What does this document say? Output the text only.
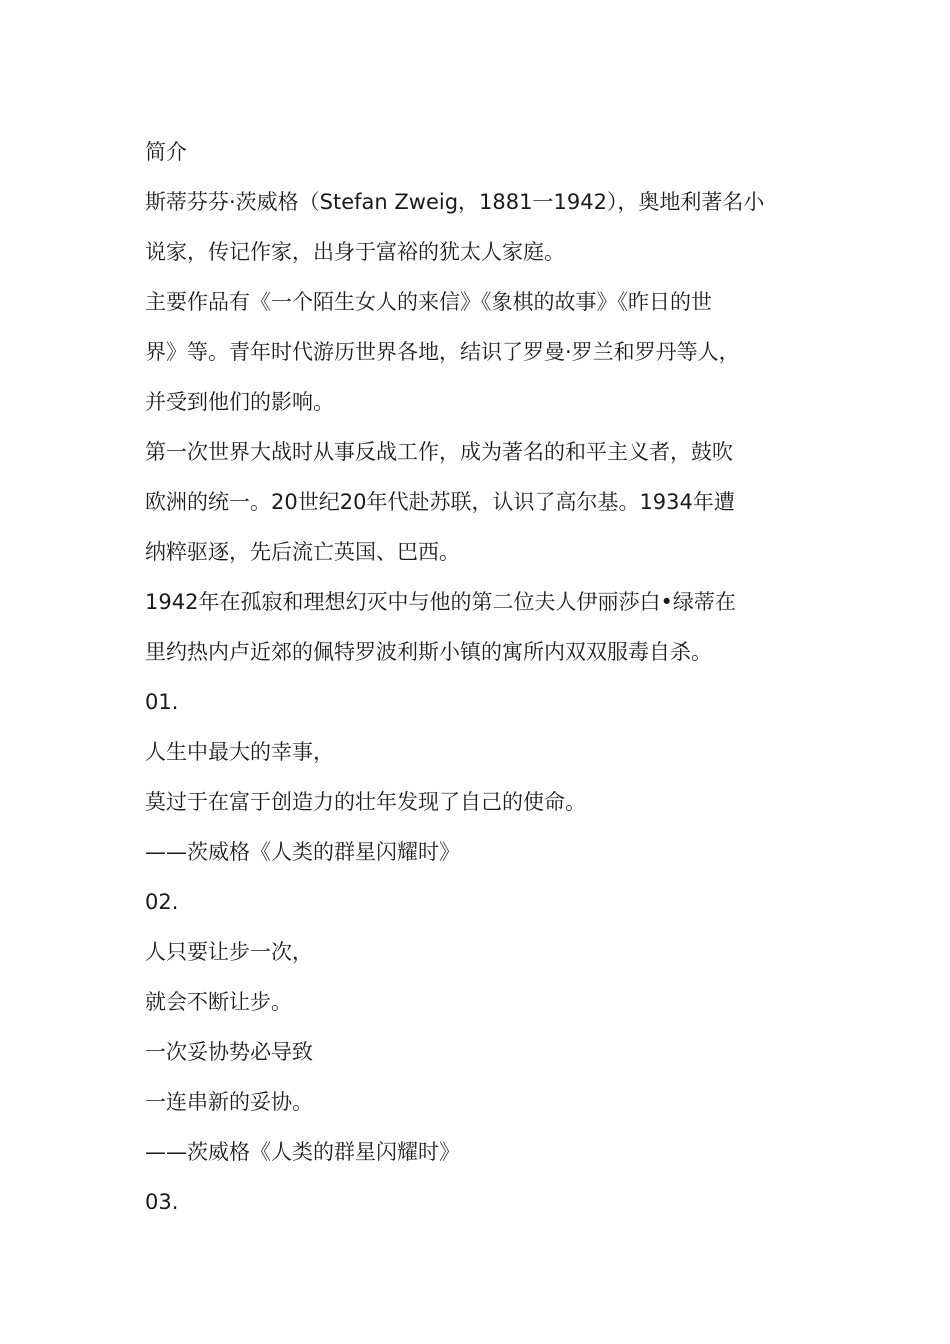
简介
斯蒂芬芬·茨威格（Stefan Zweig，1881一1942），奥地利著名小
说家，传记作家，出身于富裕的犹太人家庭。
主要作品有《一个陌生女人的来信》《象棋的故事》《昨日的世
界》等。青年时代游历世界各地，结识了罗曼·罗兰和罗丹等人，
并受到他们的影响。
第一次世界大战时从事反战工作，成为著名的和平主义者，鼓吹
欧洲的统一。20世纪20年代赴苏联，认识了高尔基。1934年遭
纳粹驱逐，先后流亡英国、巴西。
1942年在孤寂和理想幻灭中与他的第二位夫人伊丽莎白•绿蒂在
里约热内卢近郊的佩特罗波利斯小镇的寓所内双双服毒自杀。
01.
人生中最大的幸事，
莫过于在富于创造力的壮年发现了自己的使命。
——茨威格《人类的群星闪耀时》
02.
人只要让步一次，
就会不断让步。
一次妥协势必导致
一连串新的妥协。
——茨威格《人类的群星闪耀时》
03.
